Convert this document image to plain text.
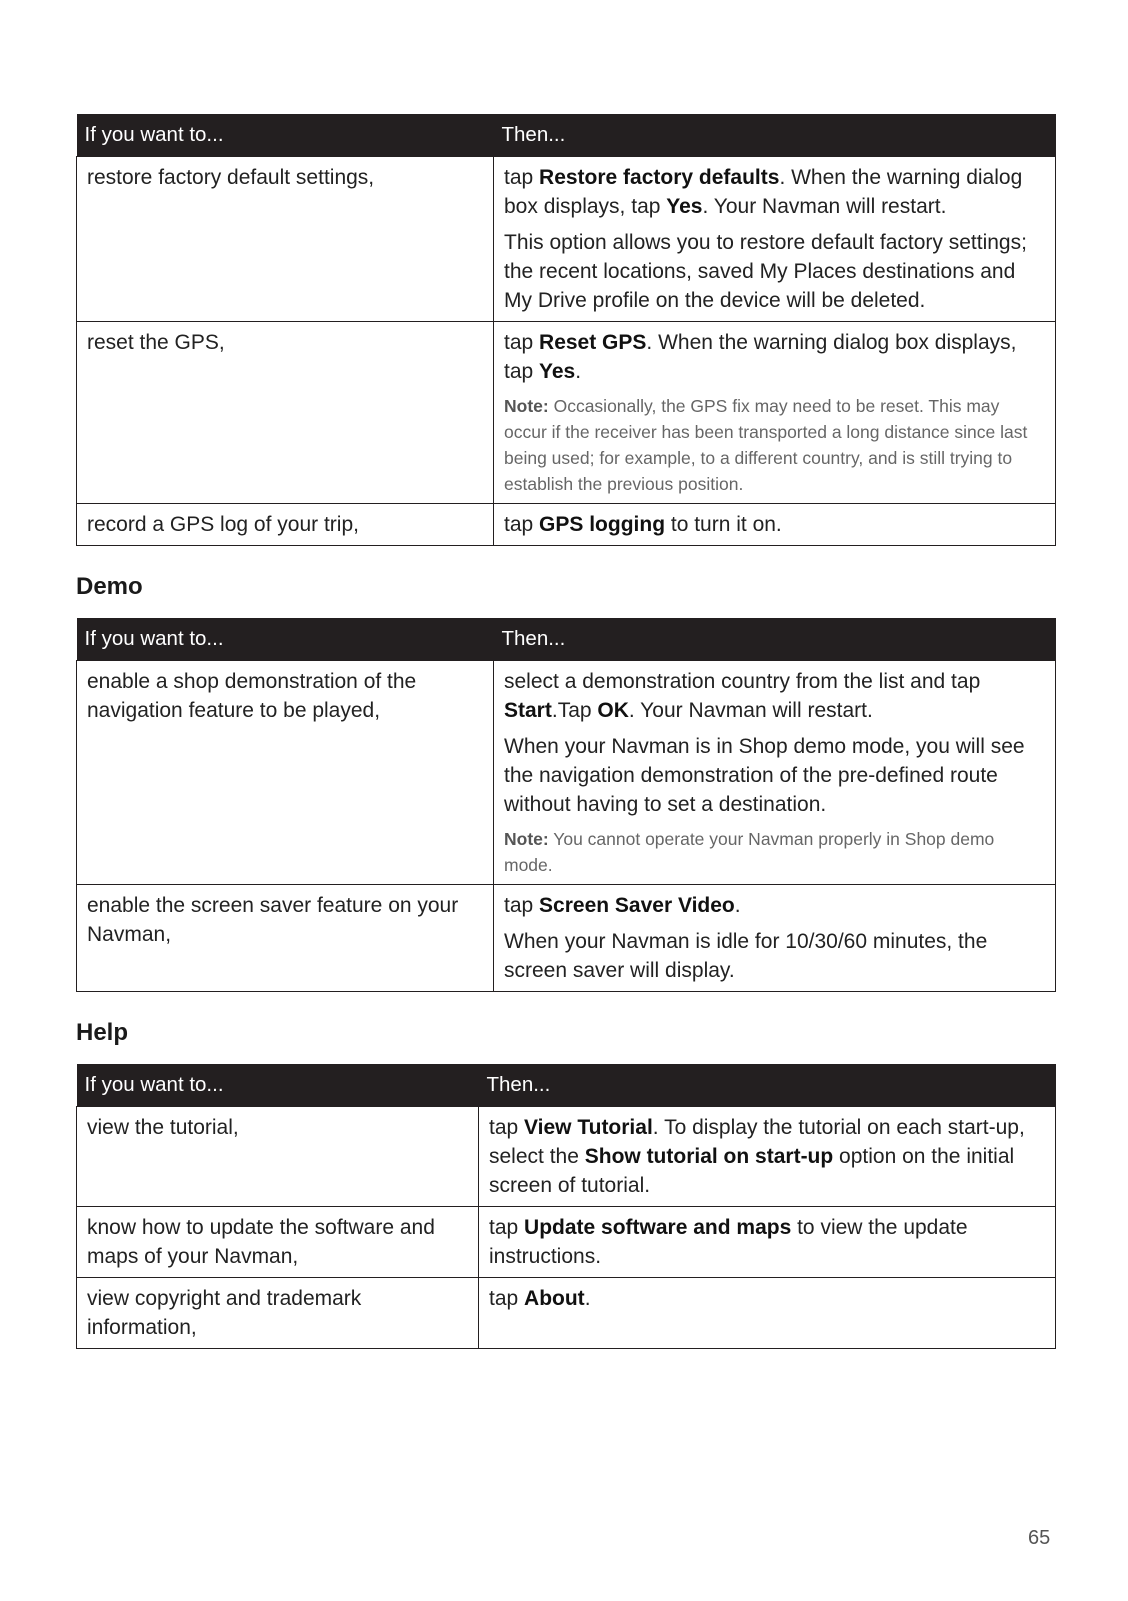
If you want to...	Then...
restore factory default settings,	tap Restore factory defaults. When the warning dialog box displays, tap Yes. Your Navman will restart.

This option allows you to restore default factory settings; the recent locations, saved My Places destinations and My Drive profile on the device will be deleted.

reset the GPS,	tap Reset GPS. When the warning dialog box displays, tap Yes.

Note: Occasionally, the GPS fix may need to be reset. This may occur if the receiver has been transported a long distance since last being used; for example, to a different country, and is still trying to establish the previous position.

record a GPS log of your trip,	tap GPS logging to turn it on.

Demo
If you want to...	Then...
enable a shop demonstration of the navigation feature to be played,	select a demonstration country from the list and tap Start.Tap OK. Your Navman will restart.

When your Navman is in Shop demo mode, you will see the navigation demonstration of the pre-defined route without having to set a destination.

Note: You cannot operate your Navman properly in Shop demo mode.

enable the screen saver feature on your Navman,	tap Screen Saver Video.

When your Navman is idle for 10/30/60 minutes, the screen saver will display.

Help
If you want to...	Then...
view the tutorial,	tap View Tutorial. To display the tutorial on each start-up, select the Show tutorial on start-up option on the initial screen of tutorial.

know how to update the software and maps of your Navman,	tap Update software and maps to view the update instructions.

view copyright and trademark information,	tap About.

65
